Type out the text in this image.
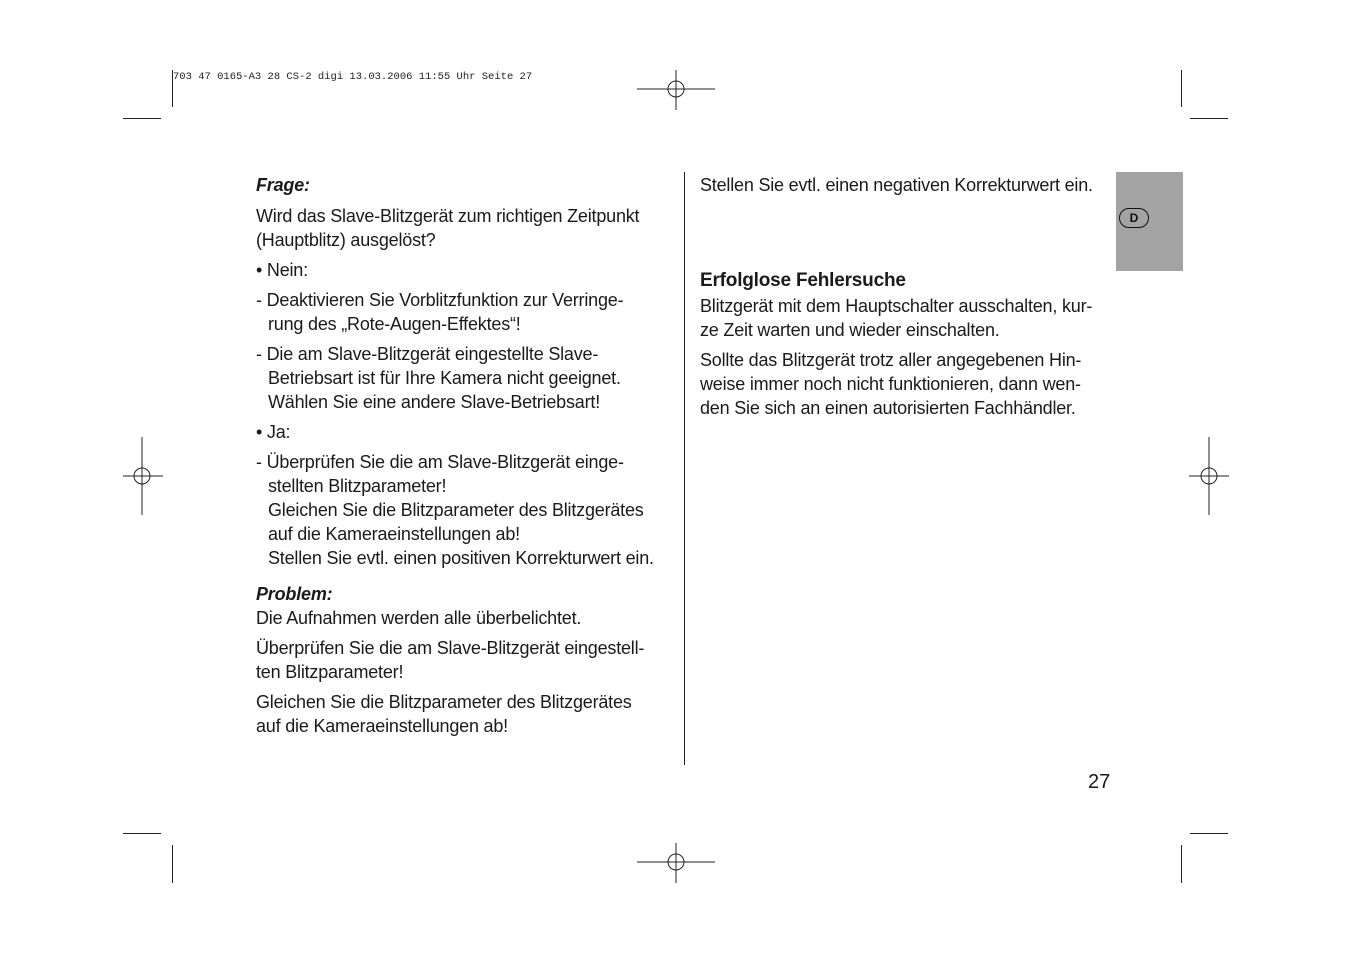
703 47 0165-A3 28 CS-2 digi 13.03.2006 11:55 Uhr Seite 27
D

Frage:

Wird das Slave-Blitzgerät zum richtigen Zeitpunkt

(Hauptblitz) ausgelöst?

• Nein:

- Deaktivieren Sie Vorblitzfunktion zur Verringe-

rung des „Rote-Augen-Effektes“!

- Die am Slave-Blitzgerät eingestellte Slave-

Betriebsart ist für Ihre Kamera nicht geeignet.

Wählen Sie eine andere Slave-Betriebsart!

• Ja:

- Überprüfen Sie die am Slave-Blitzgerät einge-

stellten Blitzparameter!

Gleichen Sie die Blitzparameter des Blitzgerätes

auf die Kameraeinstellungen ab!

Stellen Sie evtl. einen positiven Korrekturwert ein.

Problem:

Die Aufnahmen werden alle überbelichtet.

Überprüfen Sie die am Slave-Blitzgerät eingestell-

ten Blitzparameter!

Gleichen Sie die Blitzparameter des Blitzgerätes

auf die Kameraeinstellungen ab!

Stellen Sie evtl. einen negativen Korrekturwert ein.

Erfolglose Fehlersuche

Blitzgerät mit dem Hauptschalter ausschalten, kur-

ze Zeit warten und wieder einschalten.

Sollte das Blitzgerät trotz aller angegebenen Hin-

weise immer noch nicht funktionieren, dann wen-

den Sie sich an einen autorisierten Fachhändler.

27
